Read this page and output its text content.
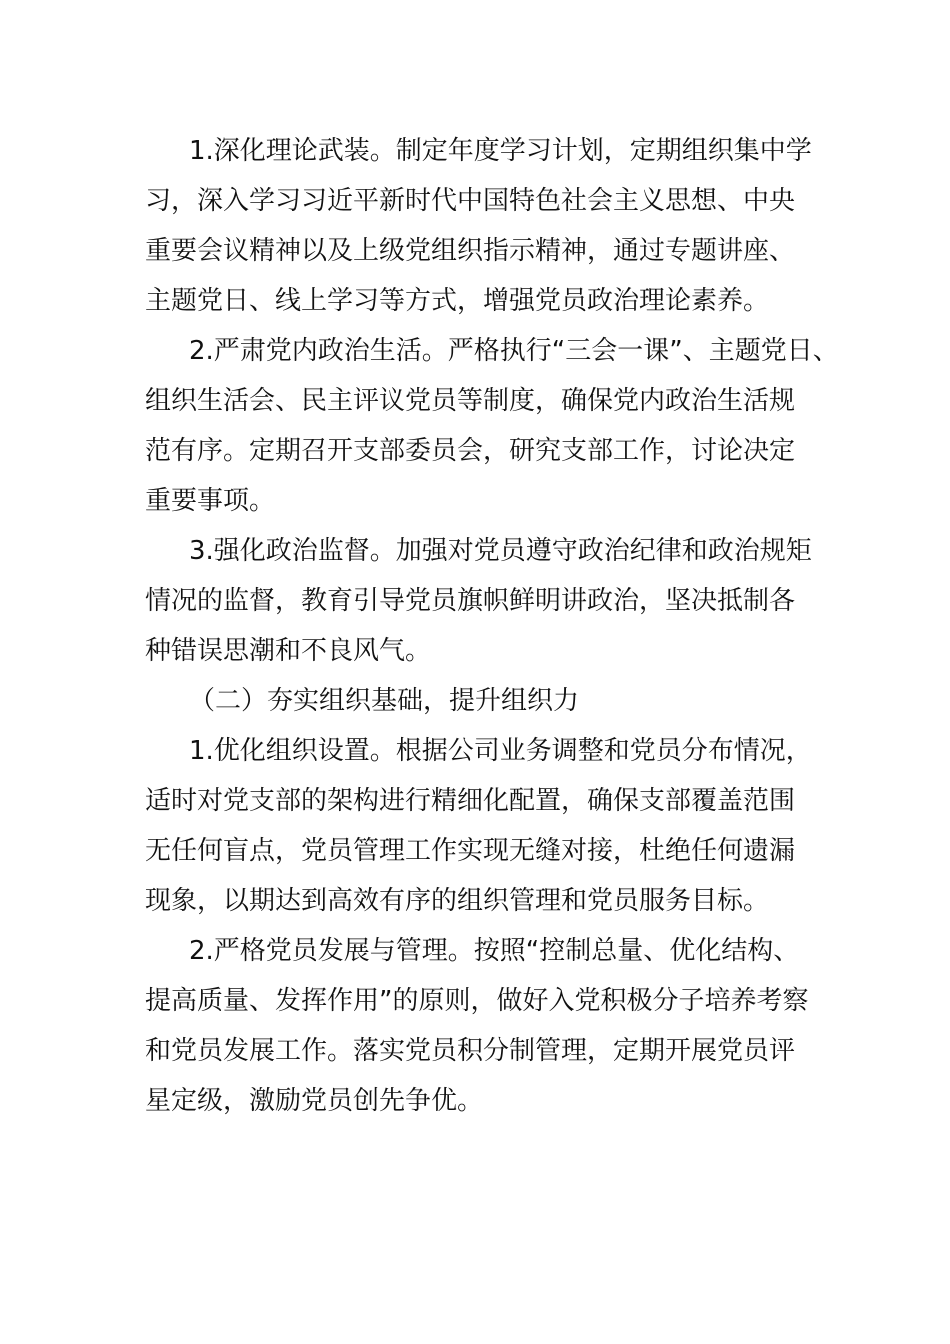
1.深化理论武装。制定年度学习计划，定期组织集中学
习，深入学习习近平新时代中国特色社会主义思想、中央
重要会议精神以及上级党组织指示精神，通过专题讲座、
主题党日、线上学习等方式，增强党员政治理论素养。
2.严肃党内政治生活。严格执行“三会一课”、主题党日、
组织生活会、民主评议党员等制度，确保党内政治生活规
范有序。定期召开支部委员会，研究支部工作，讨论决定
重要事项。
3.强化政治监督。加强对党员遵守政治纪律和政治规矩
情况的监督，教育引导党员旗帜鲜明讲政治，坚决抵制各
种错误思潮和不良风气。
（二）夯实组织基础，提升组织力
1.优化组织设置。根据公司业务调整和党员分布情况，
适时对党支部的架构进行精细化配置，确保支部覆盖范围
无任何盲点，党员管理工作实现无缝对接，杜绝任何遗漏
现象，以期达到高效有序的组织管理和党员服务目标。
2.严格党员发展与管理。按照“控制总量、优化结构、
提高质量、发挥作用”的原则，做好入党积极分子培养考察
和党员发展工作。落实党员积分制管理，定期开展党员评
星定级，激励党员创先争优。
